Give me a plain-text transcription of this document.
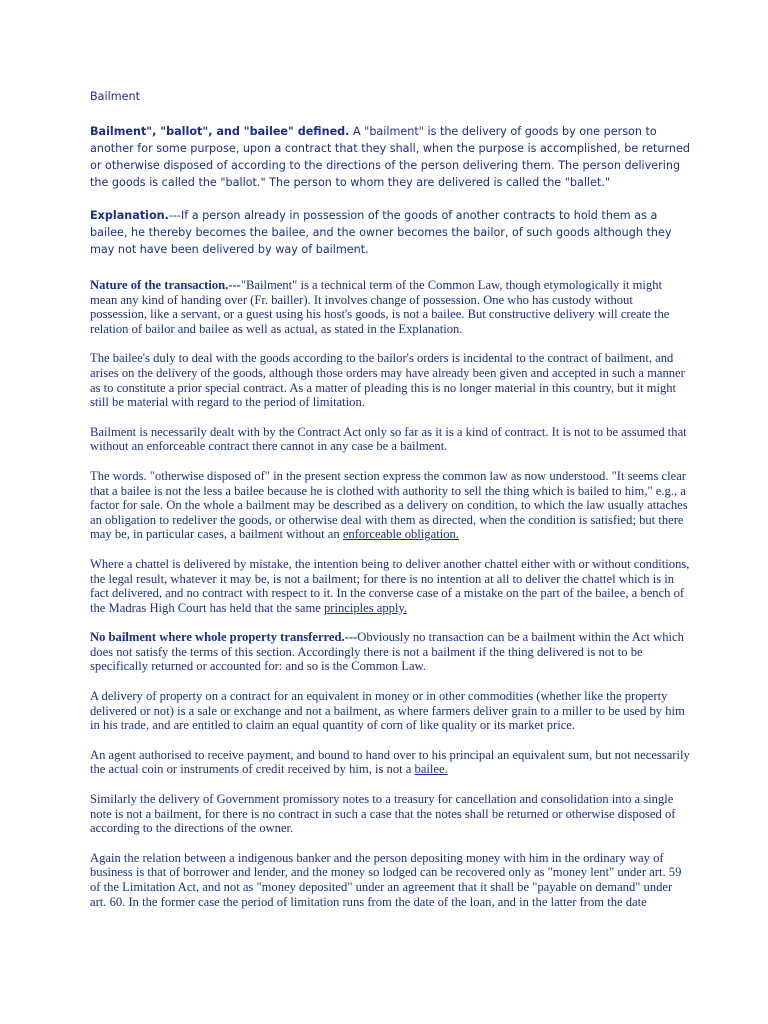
Bailment

Bailment", "ballot", and "bailee" defined. A "bailment" is the delivery of goods by one person to another for some purpose, upon a contract that they shall, when the purpose is accomplished, be returned or otherwise disposed of according to the directions of the person delivering them. The person delivering the goods is called the "ballot." The person to whom they are delivered is called the "ballet."

Explanation.---If a person already in possession of the goods of another contracts to hold them as a bailee, he thereby becomes the bailee, and the owner becomes the bailor, of such goods although they may not have been delivered by way of bailment.

Nature of the transaction.---"Bailment" is a technical term of the Common Law, though etymologically it might mean any kind of handing over (Fr. bailler). It involves change of possession. One who has custody without possession, like a servant, or a guest using his host's goods, is not a bailee. But constructive delivery will create the relation of bailor and bailee as well as actual, as stated in the Explanation.

The bailee's duly to deal with the goods according to the bailor's orders is incidental to the contract of bailment, and arises on the delivery of the goods, although those orders may have already been given and accepted in such a manner as to constitute a prior special contract. As a matter of pleading this is no longer material in this country, but it might still be material with regard to the period of limitation.

Bailment is necessarily dealt with by the Contract Act only so far as it is a kind of contract. It is not to be assumed that without an enforceable contract there cannot in any case be a bailment.

The words. "otherwise disposed of" in the present section express the common law as now understood. "It seems clear that a bailee is not the less a bailee because he is clothed with authority to sell the thing which is bailed to him," e.g., a factor for sale. On the whole a bailment may be described as a delivery on condition, to which the law usually attaches an obligation to redeliver the goods, or otherwise deal with them as directed, when the condition is satisfied; but there may be, in particular cases, a bailment without an enforceable obligation.

Where a chattel is delivered by mistake, the intention being to deliver another chattel either with or without conditions, the legal result, whatever it may be, is not a bailment; for there is no intention at all to deliver the chattel which is in fact delivered, and no contract with respect to it. In the converse case of a mistake on the part of the bailee, a bench of the Madras High Court has held that the same principles apply.

No bailment where whole property transferred.---Obviously no transaction can be a bailment within the Act which does not satisfy the terms of this section. Accordingly there is not a bailment if the thing delivered is not to be specifically returned or accounted for: and so is the Common Law.

A delivery of property on a contract for an equivalent in money or in other commodities (whether like the property delivered or not) is a sale or exchange and not a bailment, as where farmers deliver grain to a miller to be used by him in his trade, and are entitled to claim an equal quantity of corn of like quality or its market price.

An agent authorised to receive payment, and bound to hand over to his principal an equivalent sum, but not necessarily the actual coin or instruments of credit received by him, is not a bailee.

Similarly the delivery of Government promissory notes to a treasury for cancellation and consolidation into a single note is not a bailment, for there is no contract in such a case that the notes shall be returned or otherwise disposed of according to the directions of the owner.

Again the relation between a indigenous banker and the person depositing money with him in the ordinary way of business is that of borrower and lender, and the money so lodged can be recovered only as "money lent" under art. 59 of the Limitation Act, and not as "money deposited" under an agreement that it shall be "payable on demand" under art. 60. In the former case the period of limitation runs from the date of the loan, and in the latter from the date
